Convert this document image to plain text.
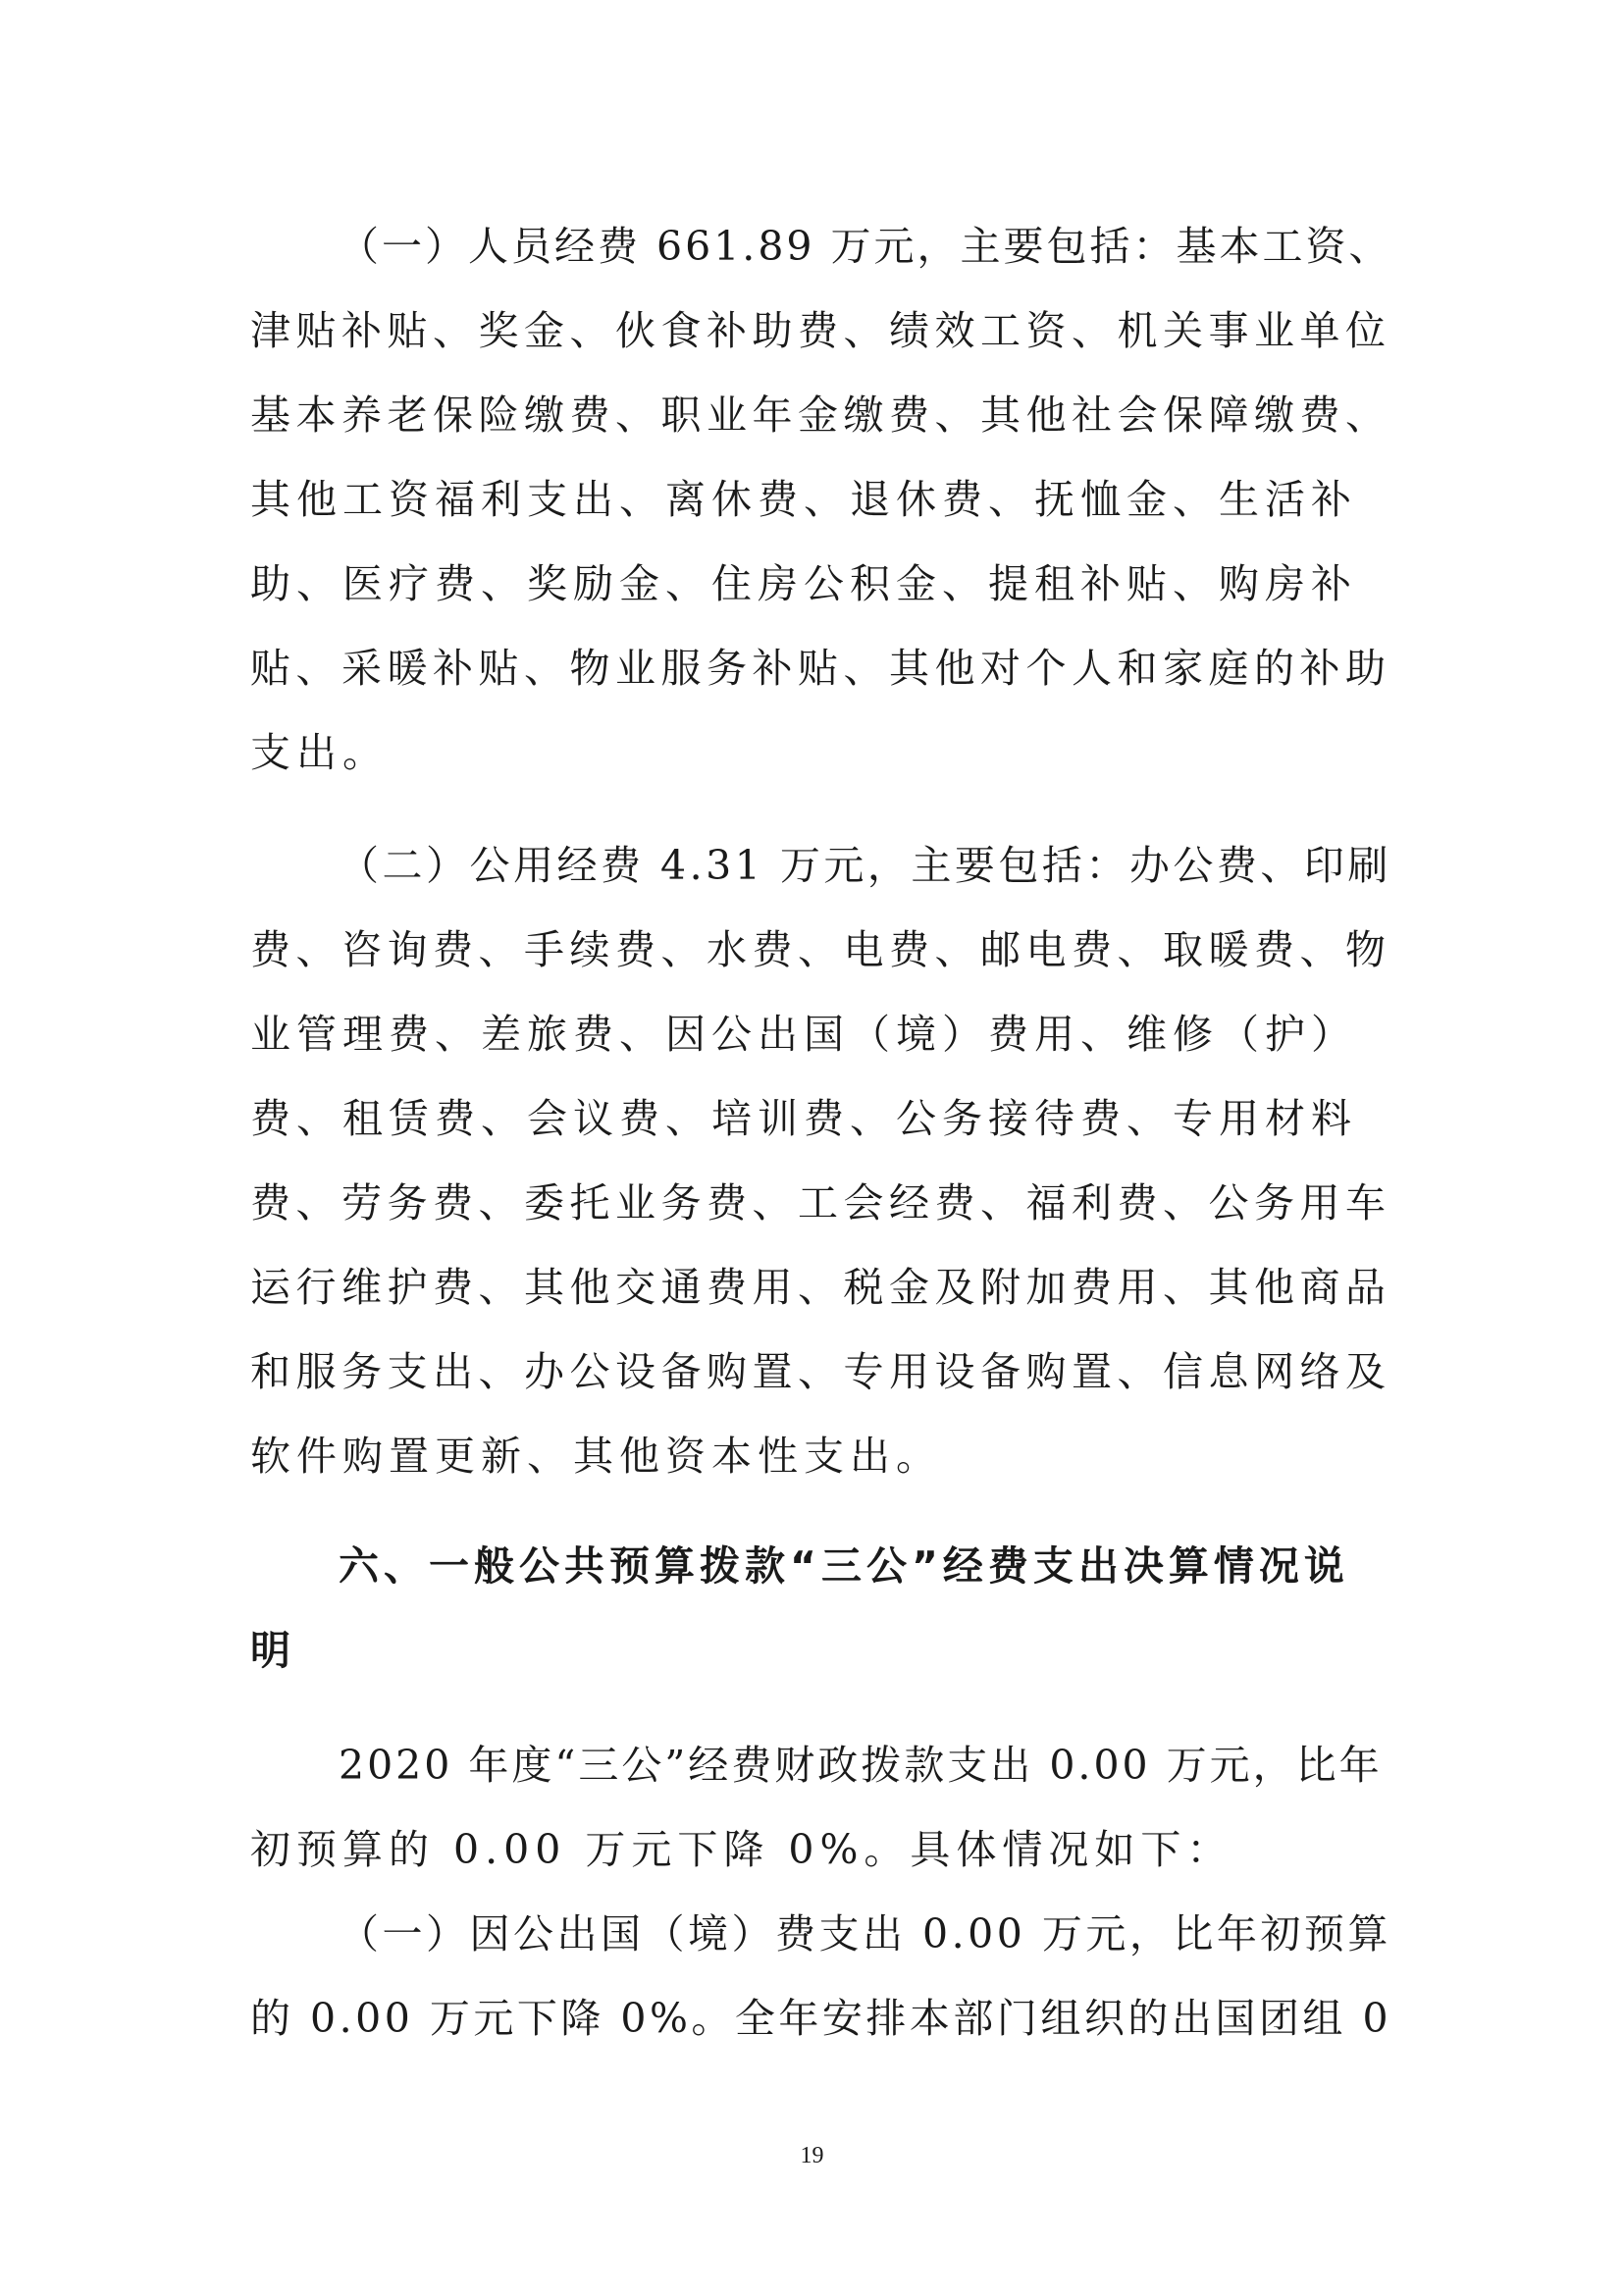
（一）人员经费 661.89 万元，主要包括：基本工资、
津贴补贴、奖金、伙食补助费、绩效工资、机关事业单位
基本养老保险缴费、职业年金缴费、其他社会保障缴费、
其他工资福利支出、离休费、退休费、抚恤金、生活补
助、医疗费、奖励金、住房公积金、提租补贴、购房补
贴、采暖补贴、物业服务补贴、其他对个人和家庭的补助
支出。
（二）公用经费 4.31 万元，主要包括：办公费、印刷
费、咨询费、手续费、水费、电费、邮电费、取暖费、物
业管理费、差旅费、因公出国（境）费用、维修（护）
费、租赁费、会议费、培训费、公务接待费、专用材料
费、劳务费、委托业务费、工会经费、福利费、公务用车
运行维护费、其他交通费用、税金及附加费用、其他商品
和服务支出、办公设备购置、专用设备购置、信息网络及
软件购置更新、其他资本性支出。
六、一般公共预算拨款“三公”经费支出决算情况说
明
2020 年度“三公”经费财政拨款支出 0.00 万元，比年
初预算的 0.00 万元下降 0%。具体情况如下：
（一）因公出国（境）费支出 0.00 万元，比年初预算
的 0.00 万元下降 0%。全年安排本部门组织的出国团组 0
19
